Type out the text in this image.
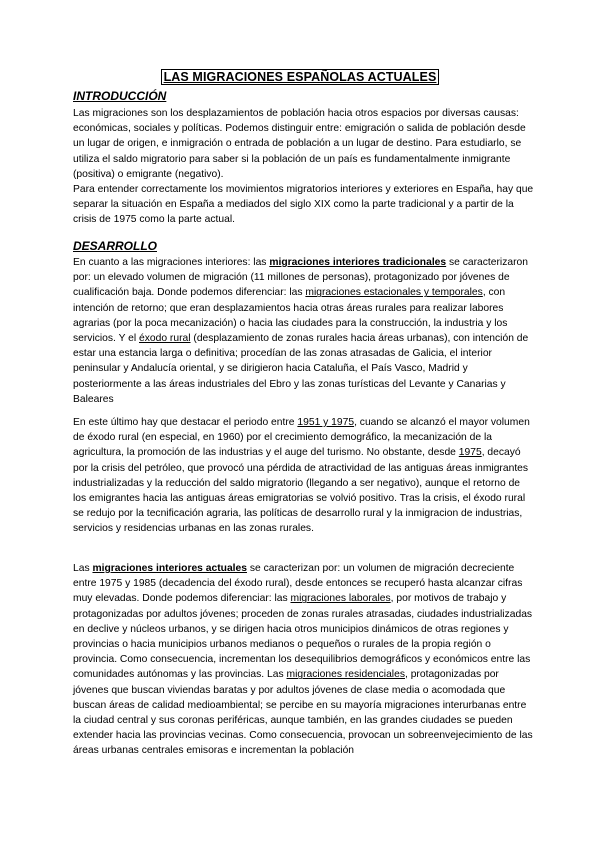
LAS MIGRACIONES ESPAÑOLAS ACTUALES
INTRODUCCIÓN

Las migraciones son los desplazamientos de población hacia otros espacios por diversas causas: económicas, sociales y políticas. Podemos distinguir entre: emigración o salida de población desde un lugar de origen, e inmigración o entrada de población a un lugar de destino. Para estudiarlo, se utiliza el saldo migratorio para saber si la población de un país es fundamentalmente inmigrante (positiva) o emigrante (negativo).

Para entender correctamente los movimientos migratorios interiores y exteriores en España, hay que separar la situación en España a mediados del siglo XIX como la parte tradicional y a partir de la crisis de 1975 como la parte actual.

DESARROLLO

En cuanto a las migraciones interiores: las migraciones interiores tradicionales se caracterizaron por: un elevado volumen de migración (11 millones de personas), protagonizado por jóvenes de cualificación baja. Donde podemos diferenciar: las migraciones estacionales y temporales, con intención de retorno; que eran desplazamientos hacia otras áreas rurales para realizar labores agrarias (por la poca mecanización) o hacia las ciudades para la construcción, la industria y los servicios. Y el éxodo rural (desplazamiento de zonas rurales hacia áreas urbanas), con intención de estar una estancia larga o definitiva; procedían de las zonas atrasadas de Galicia, el interior peninsular y Andalucía oriental, y se dirigieron hacia Cataluña, el País Vasco, Madrid y posteriormente a las áreas industriales del Ebro y las zonas turísticas del Levante y Canarias y Baleares

En este último hay que destacar el periodo entre 1951 y 1975, cuando se alcanzó el mayor volumen de éxodo rural (en especial, en 1960) por el crecimiento demográfico, la mecanización de la agricultura, la promoción de las industrias y el auge del turismo. No obstante, desde 1975, decayó por la crisis del petróleo, que provocó una pérdida de atractividad de las antiguas áreas inmigrantes industrializadas y la reducción del saldo migratorio (llegando a ser negativo), aunque el retorno de los emigrantes hacia las antiguas áreas emigratorias se volvió positivo. Tras la crisis, el éxodo rural se redujo por la tecnificación agraria, las políticas de desarrollo rural y la inmigracion de industrias, servicios y residencias urbanas en las zonas rurales.

Las migraciones interiores actuales se caracterizan por: un volumen de migración decreciente entre 1975 y 1985 (decadencia del éxodo rural), desde entonces se recuperó hasta alcanzar cifras muy elevadas. Donde podemos diferenciar: las migraciones laborales, por motivos de trabajo y protagonizadas por adultos jóvenes; proceden de zonas rurales atrasadas, ciudades industrializadas en declive y núcleos urbanos, y se dirigen hacia otros municipios dinámicos de otras regiones y provincias o hacia municipios urbanos medianos o pequeños o rurales de la propia región o provincia. Como consecuencia, incrementan los desequilibrios demográficos y económicos entre las comunidades autónomas y las provincias. Las migraciones residenciales, protagonizadas por jóvenes que buscan viviendas baratas y por adultos jóvenes de clase media o acomodada que buscan áreas de calidad medioambiental; se percibe en su mayoría migraciones interurbanas entre la ciudad central y sus coronas periféricas, aunque también, en las grandes ciudades se pueden extender hacia las provincias vecinas. Como consecuencia, provocan un sobreenvejecimiento de las áreas urbanas centrales emisoras e incrementan la población
